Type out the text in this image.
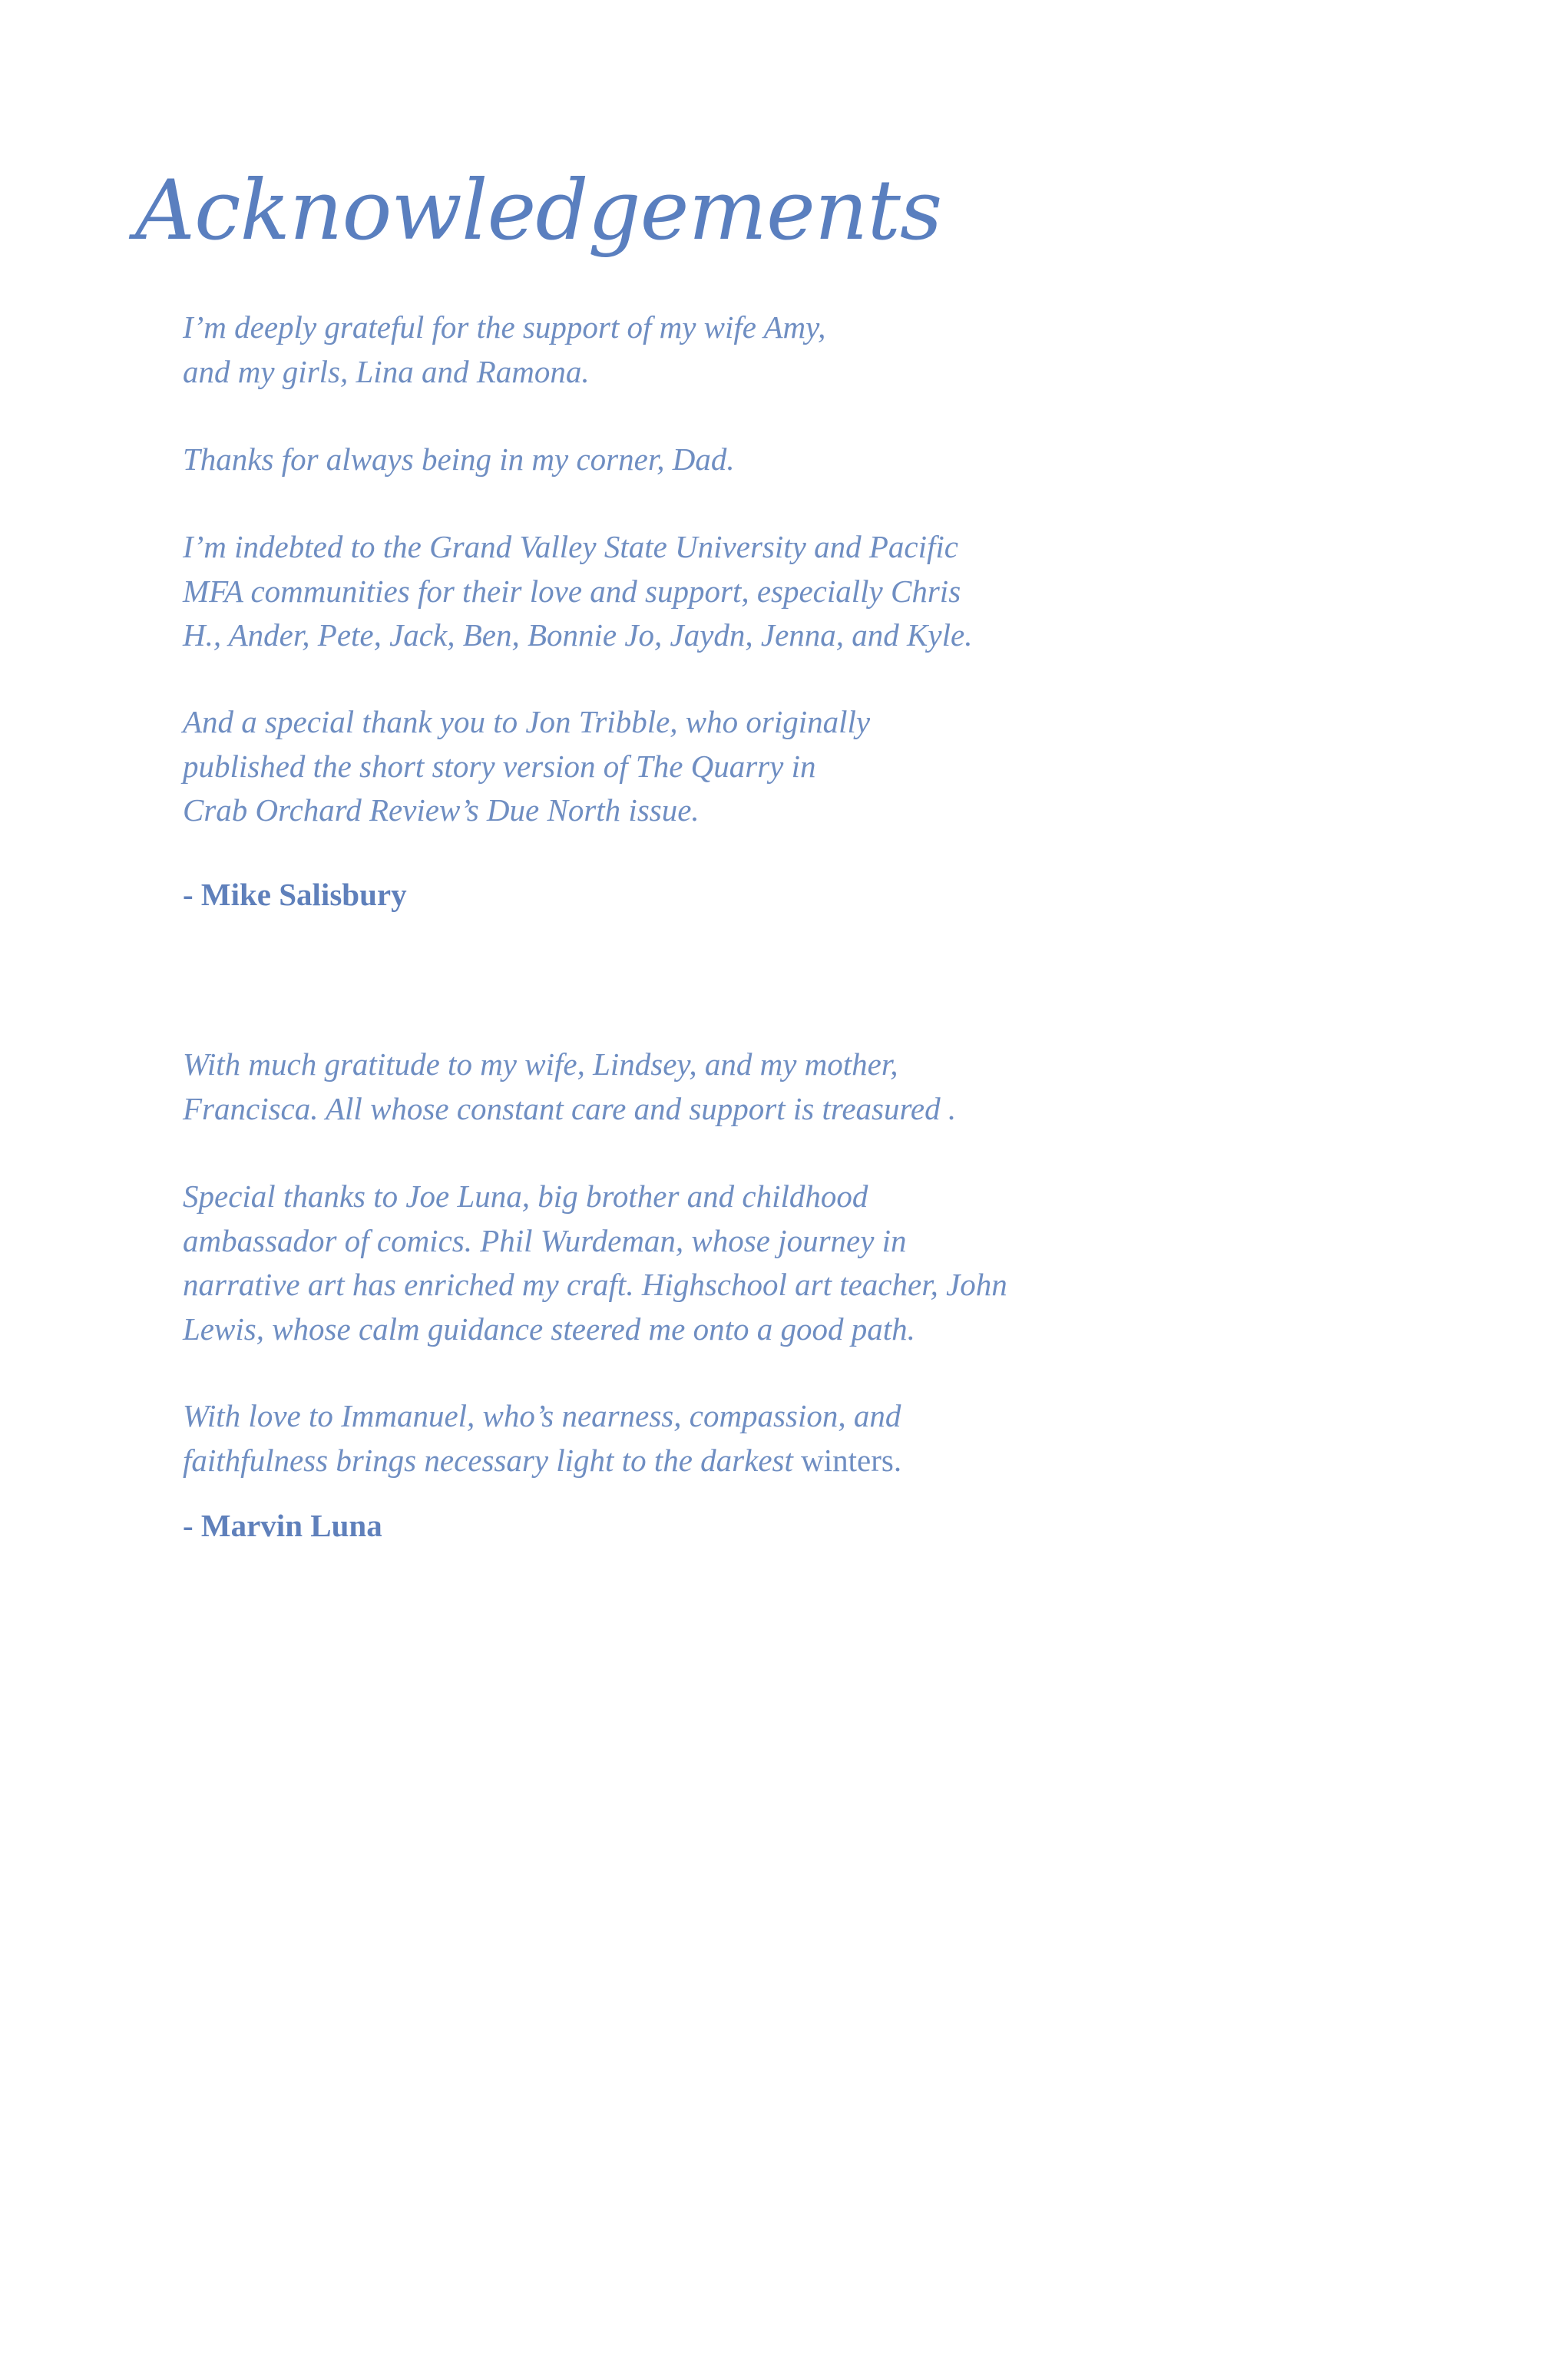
Acknowledgements

I’m deeply grateful for the support of my wife Amy,
and my girls, Lina and Ramona.

Thanks for always being in my corner, Dad.

I’m indebted to the Grand Valley State University and Pacific
MFA communities for their love and support, especially Chris
H., Ander, Pete, Jack, Ben, Bonnie Jo, Jaydn, Jenna, and Kyle.

And a special thank you to Jon Tribble, who originally
published the short story version of The Quarry in
Crab Orchard Review’s Due North issue.

- Mike Salisbury

With much gratitude to my wife, Lindsey, and my mother,
Francisca. All whose constant care and support is treasured .

Special thanks to Joe Luna, big brother and childhood
ambassador of comics. Phil Wurdeman, whose journey in
narrative art has enriched my craft. Highschool art teacher, John
Lewis, whose calm guidance steered me onto a good path.

With love to Immanuel, who’s nearness, compassion, and
faithfulness brings necessary light to the darkest winters.

- Marvin Luna
